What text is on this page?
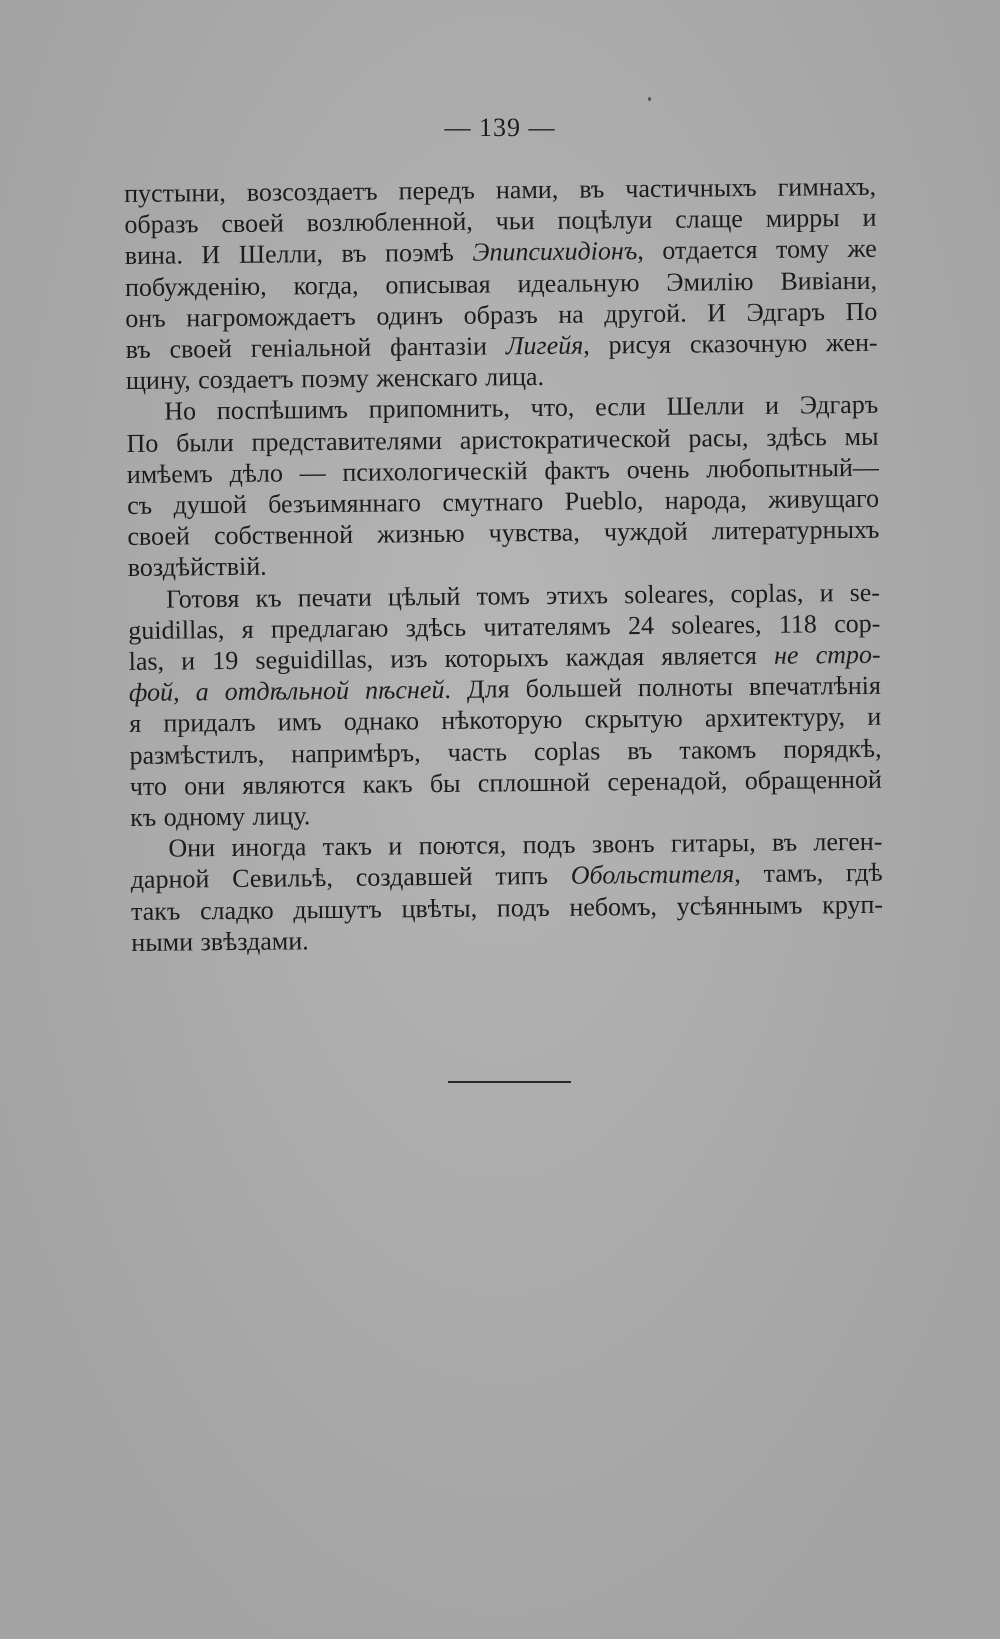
— 139 —
пустыни, возсоздаетъ передъ нами, въ частичныхъ гимнахъ,
образъ своей возлюбленной, чьи поцѣлуи слаще мирры и
вина. И Шелли, въ поэмѣ Эпипсихидіонъ, отдается тому же
побужденію, когда, описывая идеальную Эмилію Вивіани,
онъ нагромождаетъ одинъ образъ на другой. И Эдгаръ По
въ своей геніальной фантазіи Лигейя, рисуя сказочную жен-
щину, создаетъ поэму женскаго лица.
Но поспѣшимъ припомнить, что, если Шелли и Эдгаръ
По были представителями аристократической расы, здѣсь мы
имѣемъ дѣло — психологическій фактъ очень любопытный—
съ душой безъимяннаго смутнаго Pueblo, народа, живущаго
своей собственной жизнью чувства, чуждой литературныхъ
воздѣйствій.
Готовя къ печати цѣлый томъ этихъ soleares, coplas, и se-
guidillas, я предлагаю здѣсь читателямъ 24 soleares, 118 cop-
las, и 19 seguidillas, изъ которыхъ каждая является не стро-
фой, а отдѣльной пѣсней. Для большей полноты впечатлѣнія
я придалъ имъ однако нѣкоторую скрытую архитектуру, и
размѣстилъ, напримѣръ, часть coplas въ такомъ порядкѣ,
что они являются какъ бы сплошной серенадой, обращенной
къ одному лицу.
Они иногда такъ и поются, подъ звонъ гитары, въ леген-
дарной Севильѣ, создавшей типъ Обольстителя, тамъ, гдѣ
такъ сладко дышутъ цвѣты, подъ небомъ, усѣяннымъ круп-
ными звѣздами.
